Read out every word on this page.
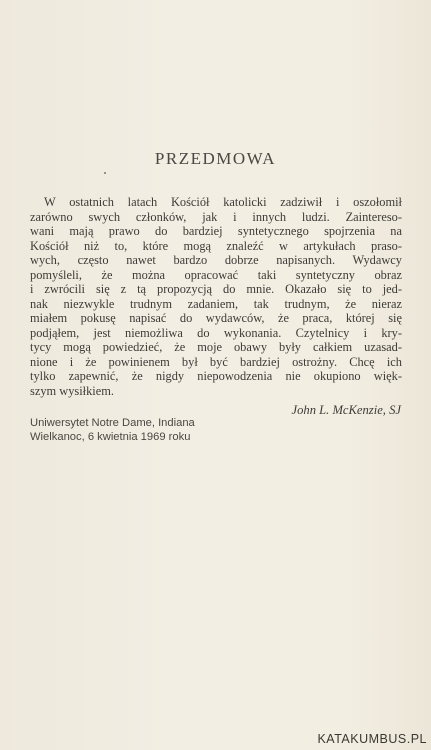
PRZEDMOWA
W ostatnich latach Kościół katolicki zadziwił i oszołomił
zarówno swych członków, jak i innych ludzi. Zaintereso-
wani mają prawo do bardziej syntetycznego spojrzenia na
Kościół niż to, które mogą znaleźć w artykułach praso-
wych, często nawet bardzo dobrze napisanych. Wydawcy
pomyśleli, że można opracować taki syntetyczny obraz
i zwrócili się z tą propozycją do mnie. Okazało się to jed-
nak niezwykle trudnym zadaniem, tak trudnym, że nieraz
miałem pokusę napisać do wydawców, że praca, której się
podjąłem, jest niemożliwa do wykonania. Czytelnicy i kry-
tycy mogą powiedzieć, że moje obawy były całkiem uzasad-
nione i że powinienem był być bardziej ostrożny. Chcę ich
tylko zapewnić, że nigdy niepowodzenia nie okupiono więk-
szym wysiłkiem.
John L. McKenzie, SJ
Uniwersytet Notre Dame, Indiana
Wielkanoc, 6 kwietnia 1969 roku
KATAKUMBUS.PL
